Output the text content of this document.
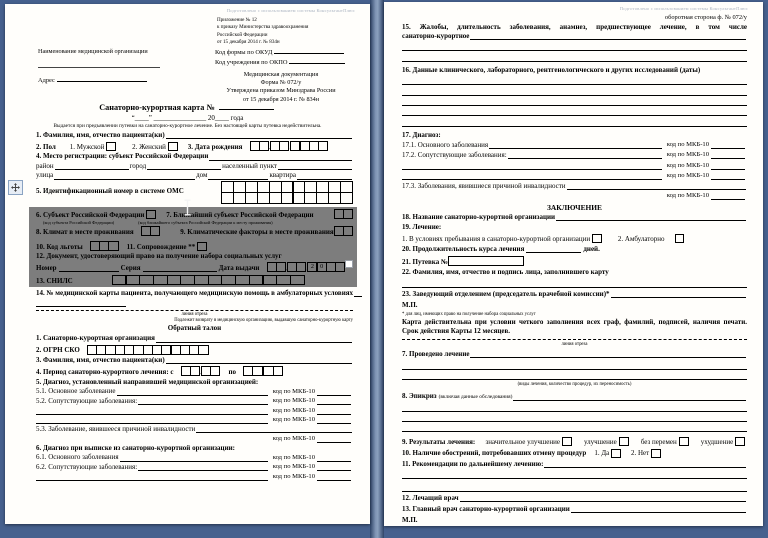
Подготовлено с использованием системы КонсультантПлюс
Приложение № 12
к приказу Министерства здравоохранения
Российской Федерации
от 15 декабря 2014 г. № 834н
Наименование медицинской организации
Адрес
Код формы по ОКУД
Код учреждения по ОКПО
Медицинская документация
Форма № 072/у
Утверждена приказом Минздрава России
от 15 декабря 2014 г. № 834н
Санаторно-курортная карта №
“____” _______________ 20____ года
Выдается при предъявлении путевки на санаторно-курортное лечение. Без настоящей карты путевка недействительна.
1. Фамилия, имя, отчество пациента(ки)
2. Пол 1. Мужской	2. Женский	3. Дата рождения
.
.
4. Место регистрации: субъект Российской Федерации
район	город	населенный пункт
улица	дом	квартира
5. Идентификационный номер в системе ОМС
6. Субъект Российской Федерации	7. Ближайший субъект Российской Федерации
(код субъекта Российской Федерации)	(код ближайшего субъекта Российской Федерации к месту проживания)
8. Климат в месте проживания	9. Климатические факторы в месте проживания
10. Код льготы	11. Сопровождение **
12. Документ, удостоверяющий право на получение набора социальных услуг
Номер	Серия	Дата выдачи . .	2	0
13. СНИЛС
14. № медицинской карты пациента, получающего медицинскую помощь в амбулаторных условиях
линия отреза
Подлежит возврату в медицинскую организацию, выдавшую санаторно-курортную карту
Обратный талон
1. Санаторно-курортная организация
2. ОГРН СКО
3. Фамилия, имя, отчество пациента(ки)
4. Период санаторно-курортного лечения: с .	по
.
5. Диагноз, установленный направившей медицинской организацией:
5.1. Основное заболевание	код по МКБ-10
5.2. Сопутствующие заболевания:	код по МКБ-10
код по МКБ-10
код по МКБ-10
5.3. Заболевание, явившееся причиной инвалидности
код по МКБ-10
6. Диагноз при выписке из санаторно-курортной организации:
6.1. Основного заболевания	код по МКБ-10
6.2. Сопутствующие заболевания:	код по МКБ-10
код по МКБ-10
Подготовлено с использованием системы КонсультантПлюс
оборотная сторона ф. № 072/у
15. Жалобы, длительность заболевания, анамнез, предшествующее лечение, в том числе
санаторно-курортное
16. Данные клинического, лабораторного, рентгенологического и других исследований (даты)
17. Диагноз:
17.1. Основного заболевания	код по МКБ-10
17.2. Сопутствующие заболевания:	код по МКБ-10
код по МКБ-10
код по МКБ-10
17.3. Заболевания, явившиеся причиной инвалидности
код по МКБ-10
ЗАКЛЮЧЕНИЕ
18. Название санаторно-курортной организации
19. Лечение:
1. В условиях пребывания в санаторно-курортной организации	2. Амбулаторно
20. Продолжительность курса лечения	дней.
21. Путевка №
22. Фамилия, имя, отчество и подпись лица, заполнившего карту
23. Заведующий отделением (председатель врачебной комиссии)*
М.П.
* для лиц, имеющих право на получение набора социальных услуг
Карта действительна при условии четкого заполнения всех граф, фамилий, подписей, наличия печати. Срок действия Карты 12 месяцев.
линия отреза
7. Проведено лечение
(виды лечения, количество процедур, их переносимость)
8. Эпикриз (включая данные обследования)
9. Результаты лечения: значительное улучшение	улучшение	без перемен	ухудшение
10. Наличие обострений, потребовавших отмену процедур 1. Да	2. Нет
11. Рекомендации по дальнейшему лечению:
12. Лечащий врач
13. Главный врач санаторно-курортной организации
М.П.
